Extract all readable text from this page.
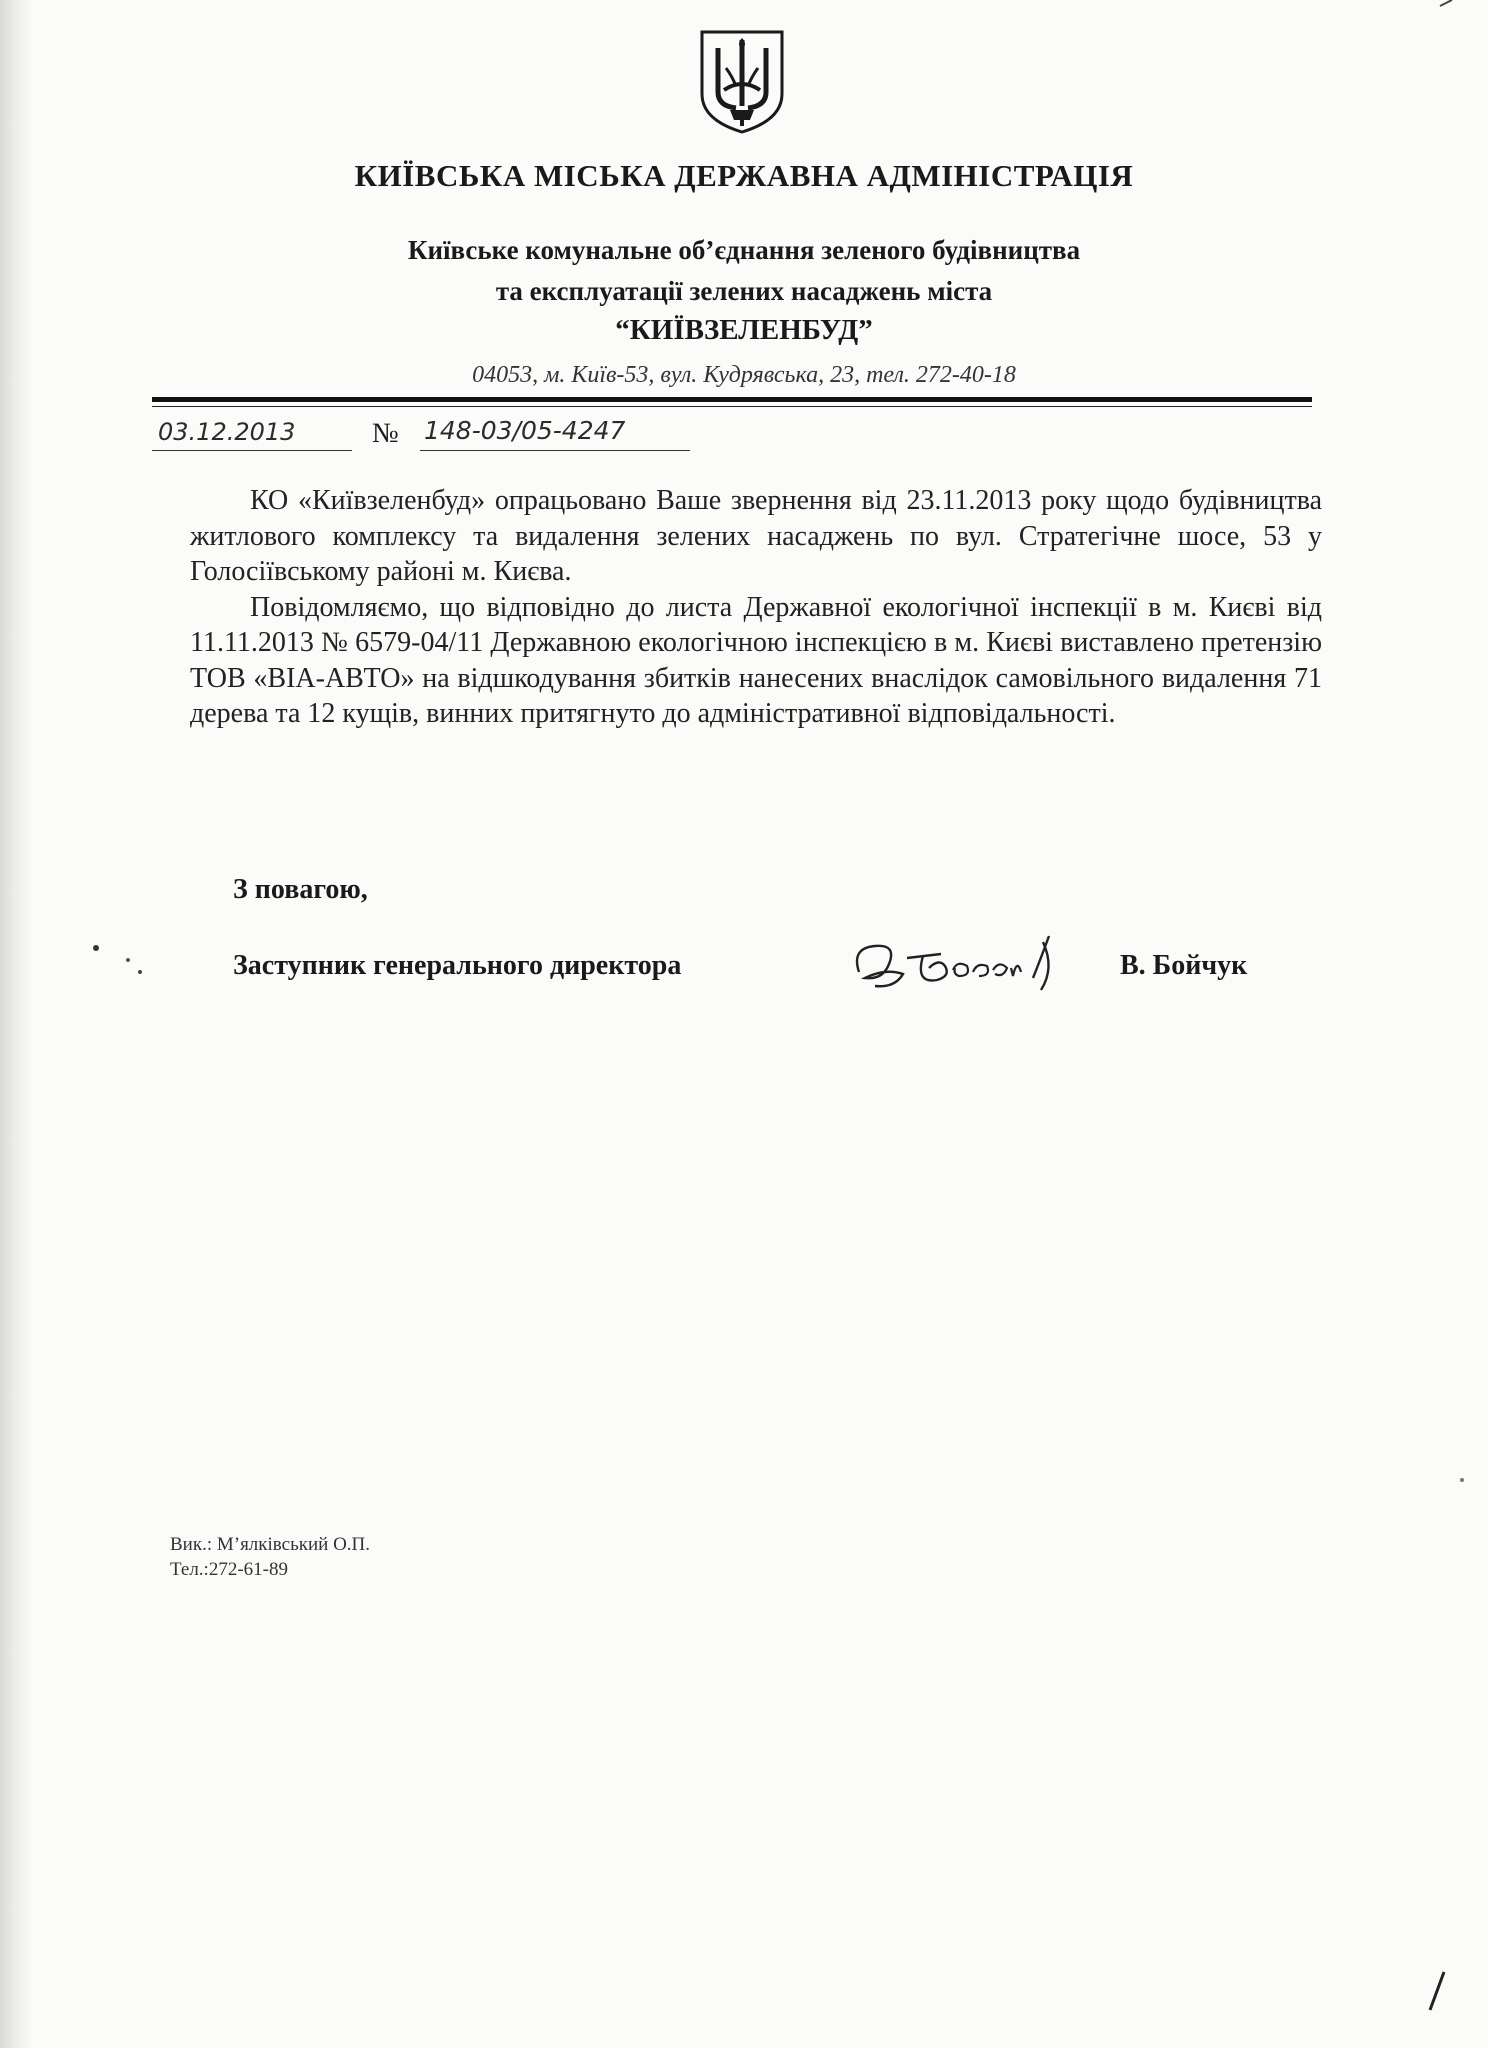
КИЇВСЬКА МІСЬКА ДЕРЖАВНА АДМІНІСТРАЦІЯ
Київське комунальне об’єднання зеленого будівництва
та експлуатації зелених насаджень міста
“КИЇВЗЕЛЕНБУД”
04053, м. Київ-53, вул. Кудрявська, 23, тел. 272-40-18
03.12.2013	№ 148-03/05-4247

КО «Київзеленбуд» опрацьовано Ваше звернення від 23.11.2013 року щодо будівництва житлового комплексу та видалення зелених насаджень по вул. Стратегічне шосе, 53 у Голосіївському районі м. Києва.

Повідомляємо, що відповідно до листа Державної екологічної інспекції в м. Києві від 11.11.2013 № 6579-04/11 Державною екологічною інспекцією в м. Києві виставлено претензію ТОВ «ВІА-АВТО» на відшкодування збитків нанесених внаслідок самовільного видалення 71 дерева та 12 кущів, винних притягнуто до адміністративної відповідальності.

З повагою,
Заступник генерального директора	В. Бойчук
Вик.: М’ялківський О.П.
Тел.:272-61-89
